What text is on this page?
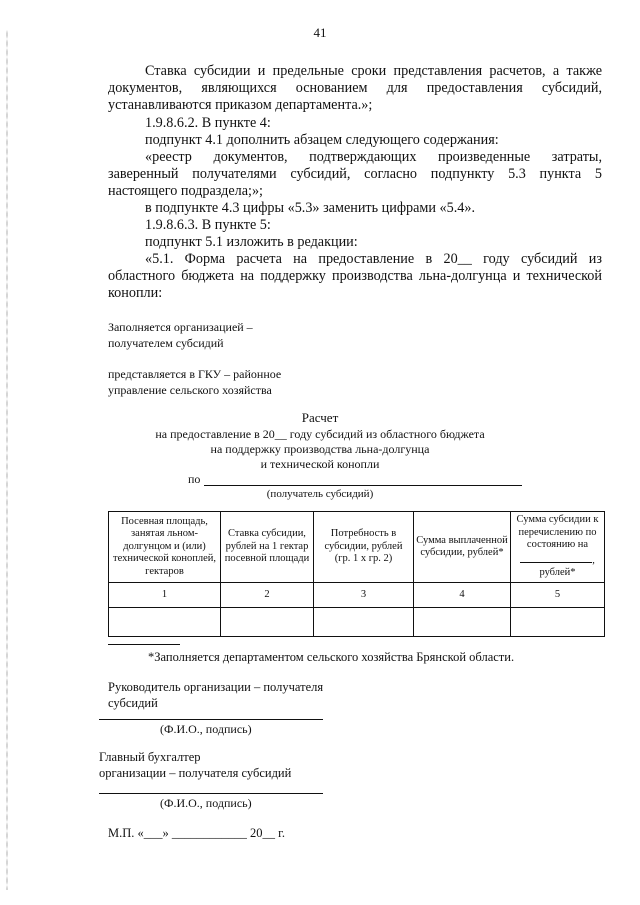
41
Ставка субсидии и предельные сроки представления расчетов, а также документов, являющихся основанием для предоставления субсидий, устанавливаются приказом департамента.»;
1.9.8.6.2. В пункте 4:
подпункт 4.1 дополнить абзацем следующего содержания:
«реестр документов, подтверждающих произведенные затраты, заверенный получателями субсидий, согласно подпункту 5.3 пункта 5 настоящего подраздела;»;
в подпункте 4.3 цифры «5.3» заменить цифрами «5.4».
1.9.8.6.3. В пункте 5:
подпункт 5.1 изложить в редакции:
«5.1. Форма расчета на предоставление в 20__ году субсидий из областного бюджета на поддержку производства льна-долгунца и технической конопли:
Заполняется организацией –
получателем субсидий
представляется в ГКУ – районное
управление сельского хозяйства
Расчет
на предоставление в 20__ году субсидий из областного бюджета
на поддержку производства льна-долгунца
и технической конопли
по
(получатель субсидий)
Посевная площадь, занятая льном-долгунцом и (или) технической коноплей, гектаров	Ставка субсидии, рублей на 1 гектар посевной площади	Потребность в субсидии, рублей (гр. 1 х гр. 2)	Сумма выплаченной субсидии, рублей*	Сумма субсидии к перечислению по состоянию на
, рублей*
1	2	3	4	5

*Заполняется департаментом сельского хозяйства Брянской области.
Руководитель организации – получателя
субсидий
(Ф.И.О., подпись)
Главный бухгалтер
организации – получателя субсидий
(Ф.И.О., подпись)
М.П. «___» ____________ 20__ г.
